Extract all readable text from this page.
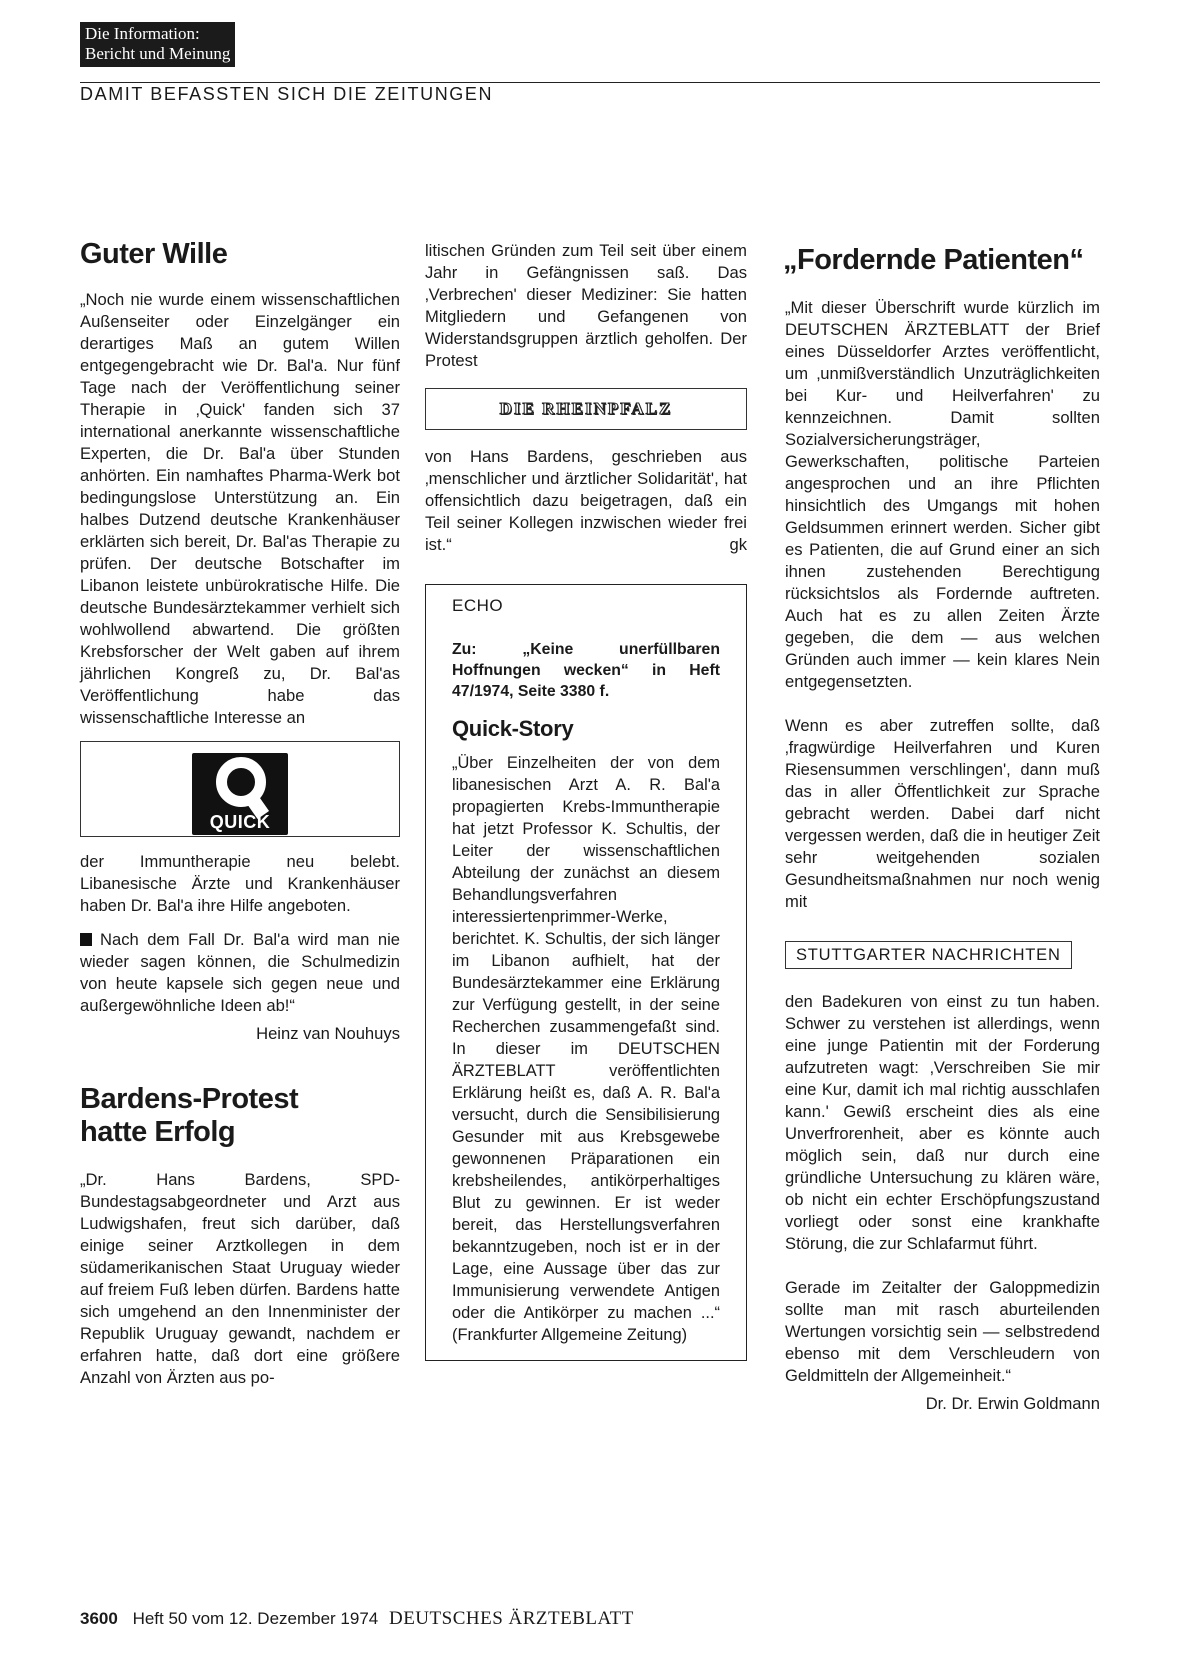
Die Information:
Bericht und Meinung
DAMIT BEFASSTEN SICH DIE ZEITUNGEN
Guter Wille

„Noch nie wurde einem wissenschaftlichen Außenseiter oder Einzelgänger ein derartiges Maß an gutem Willen entgegengebracht wie Dr. Bal'a. Nur fünf Tage nach der Veröffentlichung seiner Therapie in ‚Quick' fanden sich 37 international anerkannte wissenschaftliche Experten, die Dr. Bal'a über Stunden anhörten. Ein namhaftes Pharma-Werk bot bedingungslose Unterstützung an. Ein halbes Dutzend deutsche Krankenhäuser erklärten sich bereit, Dr. Bal'as Therapie zu prüfen. Der deutsche Botschafter im Libanon leistete unbürokratische Hilfe. Die deutsche Bundesärztekammer verhielt sich wohlwollend abwartend. Die größten Krebsforscher der Welt gaben auf ihrem jährlichen Kongreß zu, Dr. Bal'as Veröffentlichung habe das wissenschaftliche Interesse an

QUICK

der Immuntherapie neu belebt. Libanesische Ärzte und Krankenhäuser haben Dr. Bal'a ihre Hilfe angeboten.

Nach dem Fall Dr. Bal'a wird man nie wieder sagen können, die Schulmedizin von heute kapsele sich gegen neue und außergewöhnliche Ideen ab!“

Heinz van Nouhuys

Bardens-Protest
hatte Erfolg

„Dr. Hans Bardens, SPD-Bundestagsabgeordneter und Arzt aus Ludwigshafen, freut sich darüber, daß einige seiner Arztkollegen in dem südamerikanischen Staat Uruguay wieder auf freiem Fuß leben dürfen. Bardens hatte sich umgehend an den Innenminister der Republik Uruguay gewandt, nachdem er erfahren hatte, daß dort eine größere Anzahl von Ärzten aus po-

litischen Gründen zum Teil seit über einem Jahr in Gefängnissen saß. Das ‚Verbrechen' dieser Mediziner: Sie hatten Mitgliedern und Gefangenen von Widerstandsgruppen ärztlich geholfen. Der Protest

DIE RHEINPFALZ

von Hans Bardens, geschrieben aus ‚menschlicher und ärztlicher Solidarität', hat offensichtlich dazu beigetragen, daß ein Teil seiner Kollegen inzwischen wieder frei ist.“	gk

ECHO

Zu: „Keine unerfüllbaren Hoffnungen wecken“ in Heft 47/1974, Seite 3380 f.

Quick-Story

„Über Einzelheiten der von dem libanesischen Arzt A. R. Bal'a propagierten Krebs-Immuntherapie hat jetzt Professor K. Schultis, der Leiter der wissenschaftlichen Abteilung der zunächst an diesem Behandlungsverfahren interessiertenprimmer-Werke, berichtet. K. Schultis, der sich länger im Libanon aufhielt, hat der Bundesärztekammer eine Erklärung zur Verfügung gestellt, in der seine Recherchen zusammengefaßt sind. In dieser im DEUTSCHEN ÄRZTEBLATT veröffentlichten Erklärung heißt es, daß A. R. Bal'a versucht, durch die Sensibilisierung Gesunder mit aus Krebsgewebe gewonnenen Präparationen ein krebsheilendes, antikörperhaltiges Blut zu gewinnen. Er ist weder bereit, das Herstellungsverfahren bekanntzugeben, noch ist er in der Lage, eine Aussage über das zur Immunisierung verwendete Antigen oder die Antikörper zu machen ...“ (Frankfurter Allgemeine Zeitung)

„Fordernde Patienten“

„Mit dieser Überschrift wurde kürzlich im DEUTSCHEN ÄRZTEBLATT der Brief eines Düsseldorfer Arztes veröffentlicht, um ‚unmißverständlich Unzuträglichkeiten bei Kur- und Heilverfahren' zu kennzeichnen. Damit sollten Sozialversicherungsträger, Gewerkschaften, politische Parteien angesprochen und an ihre Pflichten hinsichtlich des Umgangs mit hohen Geldsummen erinnert werden. Sicher gibt es Patienten, die auf Grund einer an sich ihnen zustehenden Berechtigung rücksichtslos als Fordernde auftreten. Auch hat es zu allen Zeiten Ärzte gegeben, die dem — aus welchen Gründen auch immer — kein klares Nein entgegensetzten.

Wenn es aber zutreffen sollte, daß ‚fragwürdige Heilverfahren und Kuren Riesensummen verschlingen', dann muß das in aller Öffentlichkeit zur Sprache gebracht werden. Dabei darf nicht vergessen werden, daß die in heutiger Zeit sehr weitgehenden sozialen Gesundheitsmaßnahmen nur noch wenig mit

STUTTGARTER NACHRICHTEN

den Badekuren von einst zu tun haben. Schwer zu verstehen ist allerdings, wenn eine junge Patientin mit der Forderung aufzutreten wagt: ‚Verschreiben Sie mir eine Kur, damit ich mal richtig ausschlafen kann.' Gewiß erscheint dies als eine Unverfrorenheit, aber es könnte auch möglich sein, daß nur durch eine gründliche Untersuchung zu klären wäre, ob nicht ein echter Erschöpfungszustand vorliegt oder sonst eine krankhafte Störung, die zur Schlafarmut führt.

Gerade im Zeitalter der Galoppmedizin sollte man mit rasch aburteilenden Wertungen vorsichtig sein — selbstredend ebenso mit dem Verschleudern von Geldmitteln der Allgemeinheit.“

Dr. Dr. Erwin Goldmann

3600 Heft 50 vom 12. Dezember 1974 DEUTSCHES ÄRZTEBLATT
